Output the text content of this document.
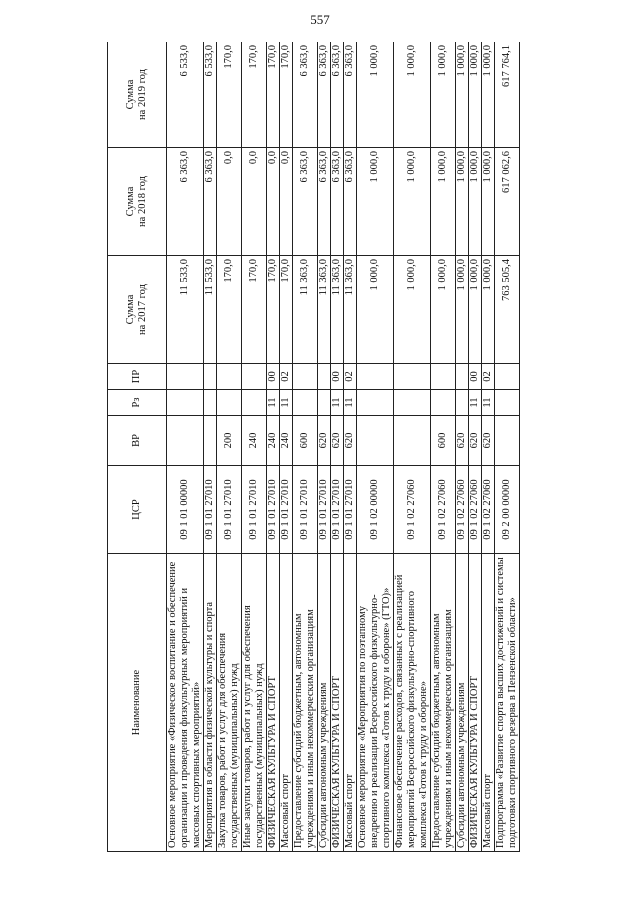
557
Наименование	ЦСР	ВР	Рз	ПР	Сумма на 2017 год	Сумма на 2018 год	Сумма на 2019 год

Основное мероприятие «Физическое воспитание и обеспечение организации и проведения физкультурных мероприятий и массовых спортивных мероприятий»	09 1 01 00000				11 533,0	6 363,0	6 533,0
Мероприятия в области физической культуры и спорта	09 1 01 27010				11 533,0	6 363,0	6 533,0
Закупка товаров, работ и услуг для обеспечения государственных (муниципальных) нужд	09 1 01 27010	200			170,0	0,0	170,0
Иные закупки товаров, работ и услуг для обеспечения государственных (муниципальных) нужд	09 1 01 27010	240			170,0	0,0	170,0
ФИЗИЧЕСКАЯ КУЛЬТУРА И СПОРТ	09 1 01 27010	240	11	00	170,0	0,0	170,0
Массовый спорт	09 1 01 27010	240	11	02	170,0	0,0	170,0
Предоставление субсидий бюджетным, автономным учреждениям и иным некоммерческим организациям	09 1 01 27010	600			11 363,0	6 363,0	6 363,0
Субсидии автономным учреждениям	09 1 01 27010	620			11 363,0	6 363,0	6 363,0
ФИЗИЧЕСКАЯ КУЛЬТУРА И СПОРТ	09 1 01 27010	620	11	00	11 363,0	6 363,0	6 363,0
Массовый спорт	09 1 01 27010	620	11	02	11 363,0	6 363,0	6 363,0
Основное мероприятие «Мероприятия по поэтапному внедрению и реализации Всероссийского физкультурно-спортивного комплекса «Готов к труду и обороне» (ГТО)»	09 1 02 00000				1 000,0	1 000,0	1 000,0
Финансовое обеспечение расходов, связанных с реализацией мероприятий Всероссийского физкультурно-спортивного комплекса «Готов к труду и обороне»	09 1 02 27060				1 000,0	1 000,0	1 000,0
Предоставление субсидий бюджетным, автономным учреждениям и иным некоммерческим организациям	09 1 02 27060	600			1 000,0	1 000,0	1 000,0
Субсидии автономным учреждениям	09 1 02 27060	620			1 000,0	1 000,0	1 000,0
ФИЗИЧЕСКАЯ КУЛЬТУРА И СПОРТ	09 1 02 27060	620	11	00	1 000,0	1 000,0	1 000,0
Массовый спорт	09 1 02 27060	620	11	02	1 000,0	1 000,0	1 000,0
Подпрограмма «Развитие спорта высших достижений и системы подготовки спортивного резерва в Пензенской области»	09 2 00 00000				763 505,4	617 062,6	617 764,1
